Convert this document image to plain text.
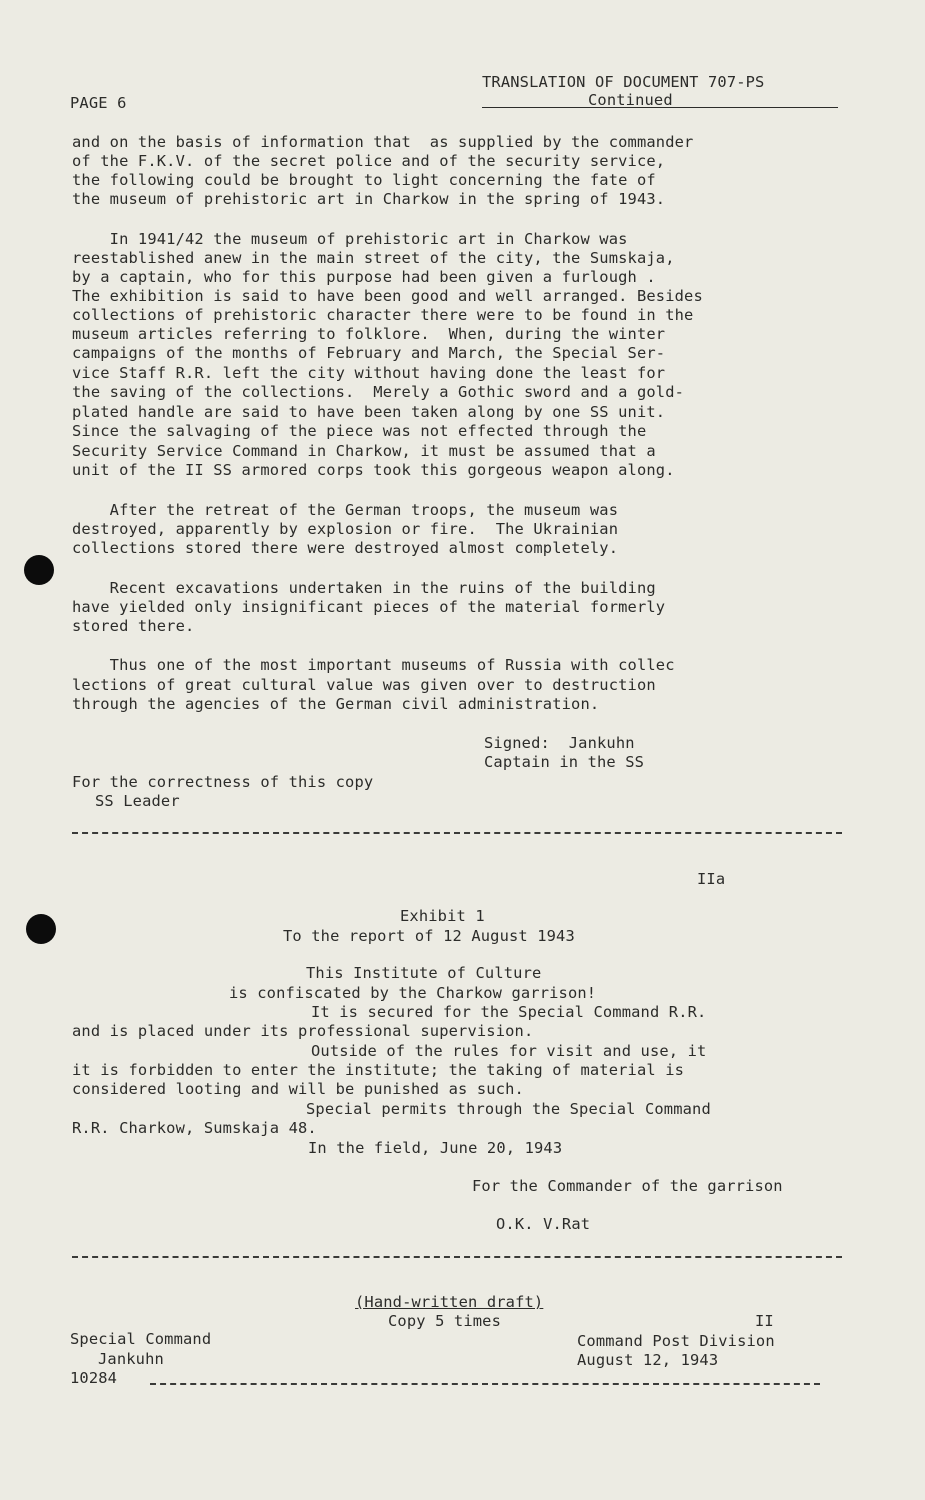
TRANSLATION OF DOCUMENT 707-PS
PAGE 6	Continued
and on the basis of information that  as supplied by the commander
of the F.K.V. of the secret police and of the security service,
the following could be brought to light concerning the fate of
the museum of prehistoric art in Charkow in the spring of 1943.
In 1941/42 the museum of prehistoric art in Charkow was
reestablished anew in the main street of the city, the Sumskaja,
by a captain, who for this purpose had been given a furlough .
The exhibition is said to have been good and well arranged. Besides
collections of prehistoric character there were to be found in the
museum articles referring to folklore.  When, during the winter
campaigns of the months of February and March, the Special Ser-
vice Staff R.R. left the city without having done the least for
the saving of the collections.  Merely a Gothic sword and a gold-
plated handle are said to have been taken along by one SS unit.
Since the salvaging of the piece was not effected through the
Security Service Command in Charkow, it must be assumed that a
unit of the II SS armored corps took this gorgeous weapon along.
After the retreat of the German troops, the museum was
destroyed, apparently by explosion or fire.  The Ukrainian
collections stored there were destroyed almost completely.
Recent excavations undertaken in the ruins of the building
have yielded only insignificant pieces of the material formerly
stored there.
Thus one of the most important museums of Russia with collec
lections of great cultural value was given over to destruction
through the agencies of the German civil administration.
Signed:  Jankuhn
Captain in the SS
For the correctness of this copy
SS Leader
IIa
Exhibit 1
To the report of 12 August 1943
This Institute of Culture
is confiscated by the Charkow garrison!
It is secured for the Special Command R.R.
and is placed under its professional supervision.
Outside of the rules for visit and use, it
it is forbidden to enter the institute; the taking of material is
considered looting and will be punished as such.
Special permits through the Special Command
R.R. Charkow, Sumskaja 48.
In the field, June 20, 1943
For the Commander of the garrison
O.K. V.Rat
(Hand-written draft)
Copy 5 times	II
Special Command	Command Post Division
Jankuhn	August 12, 1943
10284
